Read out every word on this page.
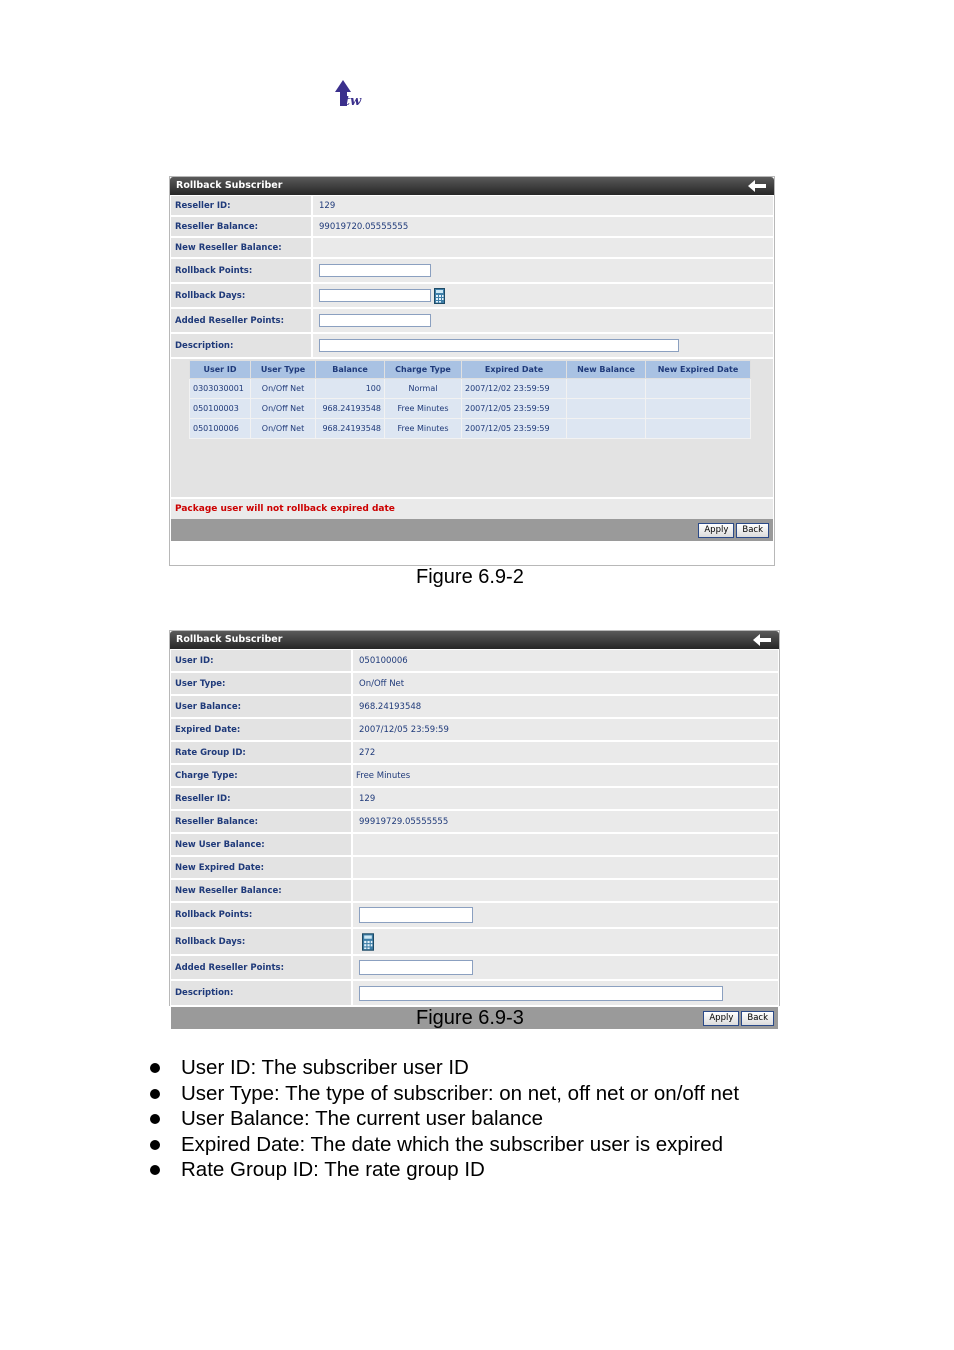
tw
Rollback Subscriber
Reseller ID:	129
Reseller Balance:	99019720.05555555
New Reseller Balance:
Rollback Points:
Rollback Days:
Added Reseller Points:
Description:
Package user will not rollback expired date
Apply	Back
User ID	User Type	Balance	Charge Type	Expired Date	New Balance	New Expired Date
0303030001	On/Off Net	100	Normal	2007/12/02 23:59:59		
050100003	On/Off Net	968.24193548	Free Minutes	2007/12/05 23:59:59		
050100006	On/Off Net	968.24193548	Free Minutes	2007/12/05 23:59:59		
Figure 6.9-2
Rollback Subscriber
User ID:	050100006
User Type:	On/Off Net
User Balance:	968.24193548
Expired Date:	2007/12/05 23:59:59
Rate Group ID:	272
Charge Type:	Free Minutes
Reseller ID:	129
Reseller Balance:	99919729.05555555
New User Balance:
New Expired Date:
New Reseller Balance:
Rollback Points:
Rollback Days:
Added Reseller Points:
Description:
Apply	Back
Figure 6.9-3
User ID: The subscriber user ID
User Type: The type of subscriber: on net, off net or on/off net
User Balance: The current user balance
Expired Date: The date which the subscriber user is expired
Rate Group ID: The rate group ID
